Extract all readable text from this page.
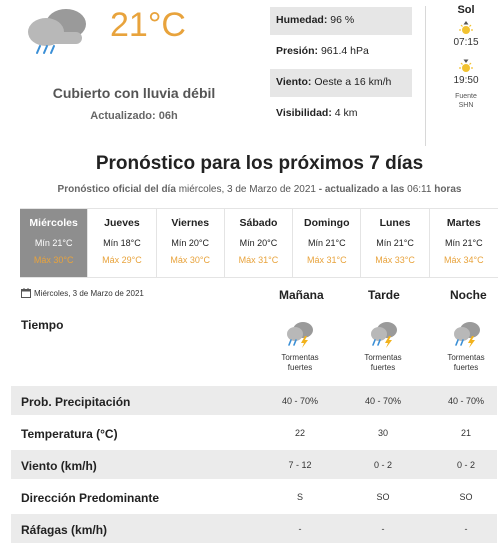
21°C
Cubierto con lluvia débil
Actualizado: 06h
Humedad: 96 %
Presión: 961.4 hPa
Viento: Oeste a 16 km/h
Visibilidad: 4 km
Sol
07:15
19:50
Fuente
SHN
Pronóstico para los próximos 7 días
Pronóstico oficial del día miércoles, 3 de Marzo de 2021 - actualizado a las 06:11 horas
Miércoles
Mín 21°C
Máx 30°C
Jueves
Mín 18°C
Máx 29°C
Viernes
Mín 20°C
Máx 30°C
Sábado
Mín 20°C
Máx 31°C
Domingo
Mín 21°C
Máx 31°C
Lunes
Mín 21°C
Máx 33°C
Martes
Mín 21°C
Máx 34°C
Miércoles, 3 de Marzo de 2021	Mañana	Tarde	Noche
Tiempo
Tormentas
fuertes
Tormentas
fuertes
Tormentas
fuertes
Prob. Precipitación	40 - 70%	40 - 70%	40 - 70%
Temperatura (°C)	22	30	21
Viento (km/h)	7 - 12	0 - 2	0 - 2
Dirección Predominante	S	SO	SO
Ráfagas (km/h)	-	-	-
